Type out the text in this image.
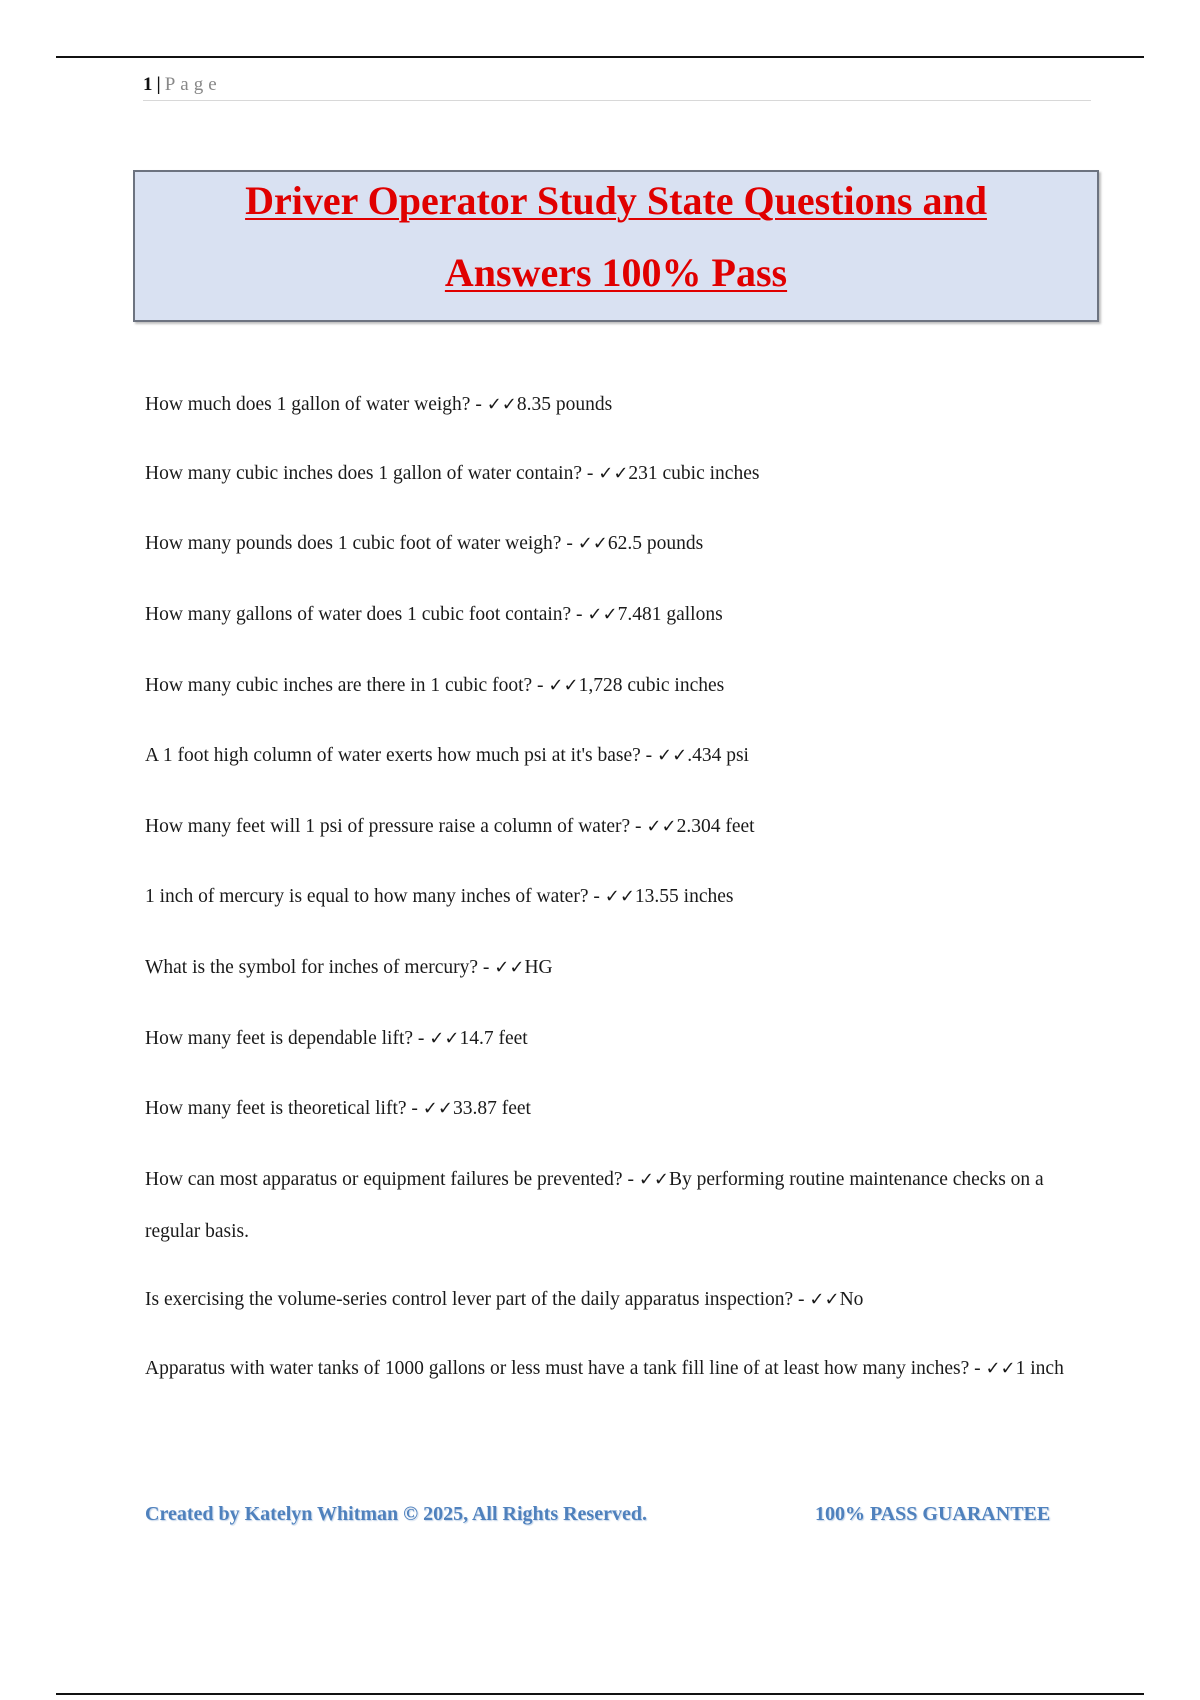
1 | Page
Driver Operator Study State Questions and
Answers 100% Pass

How much does 1 gallon of water weigh? - ✓✓8.35 pounds

How many cubic inches does 1 gallon of water contain? - ✓✓231 cubic inches

How many pounds does 1 cubic foot of water weigh? - ✓✓62.5 pounds

How many gallons of water does 1 cubic foot contain? - ✓✓7.481 gallons

How many cubic inches are there in 1 cubic foot? - ✓✓1,728 cubic inches

A 1 foot high column of water exerts how much psi at it's base? - ✓✓.434 psi

How many feet will 1 psi of pressure raise a column of water? - ✓✓2.304 feet

1 inch of mercury is equal to how many inches of water? - ✓✓13.55 inches

What is the symbol for inches of mercury? - ✓✓HG

How many feet is dependable lift? - ✓✓14.7 feet

How many feet is theoretical lift? - ✓✓33.87 feet

How can most apparatus or equipment failures be prevented? - ✓✓By performing routine maintenance checks on a regular basis.

Is exercising the volume-series control lever part of the daily apparatus inspection? - ✓✓No

Apparatus with water tanks of 1000 gallons or less must have a tank fill line of at least how many inches? - ✓✓1 inch

Created by Katelyn Whitman © 2025, All Rights Reserved.	100% PASS GUARANTEE
